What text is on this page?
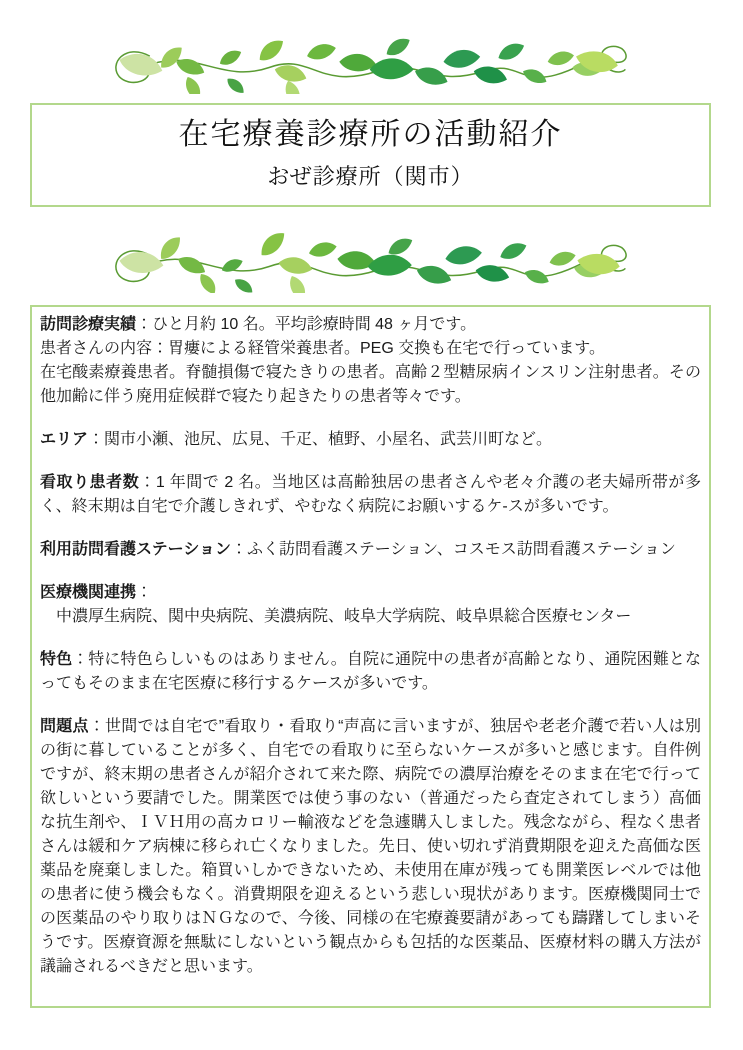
在宅療養診療所の活動紹介
おぜ診療所（関市）

訪問診療実績：ひと月約 10 名。平均診療時間 48 ヶ月です。

患者さんの内容：胃瘻による経管栄養患者。PEG 交換も在宅で行っています。

在宅酸素療養患者。脊髄損傷で寝たきりの患者。高齢２型糖尿病インスリン注射患者。その他加齢に伴う廃用症候群で寝たり起きたりの患者等々です。

エリア：関市小瀬、池尻、広見、千疋、植野、小屋名、武芸川町など。

看取り患者数：1 年間で 2 名。当地区は高齢独居の患者さんや老々介護の老夫婦所帯が多く、終末期は自宅で介護しきれず、やむなく病院にお願いするケ-スが多いです。

利用訪問看護ステーション：ふく訪問看護ステーション、コスモス訪問看護ステーション

医療機関連携：

　中濃厚生病院、関中央病院、美濃病院、岐阜大学病院、岐阜県総合医療センター

特色：特に特色らしいものはありません。自院に通院中の患者が高齢となり、通院困難となってもそのまま在宅医療に移行するケースが多いです。

問題点：世間では自宅で”看取り・看取り“声高に言いますが、独居や老老介護で若い人は別の街に暮していることが多く、自宅での看取りに至らないケースが多いと感じます。自件例ですが、終末期の患者さんが紹介されて来た際、病院での濃厚治療をそのまま在宅で行って欲しいという要請でした。開業医では使う事のない（普通だったら査定されてしまう）高価な抗生剤や、ＩＶＨ用の高カロリー輸液などを急遽購入しました。残念ながら、程なく患者さんは緩和ケア病棟に移られ亡くなりました。先日、使い切れず消費期限を迎えた高価な医薬品を廃棄しました。箱買いしかできないため、未使用在庫が残っても開業医レベルでは他の患者に使う機会もなく。消費期限を迎えるという悲しい現状があります。医療機関同士での医薬品のやり取りはＮＧなので、今後、同様の在宅療養要請があっても躊躇してしまいそうです。医療資源を無駄にしないという観点からも包括的な医薬品、医療材料の購入方法が議論されるべきだと思います。
